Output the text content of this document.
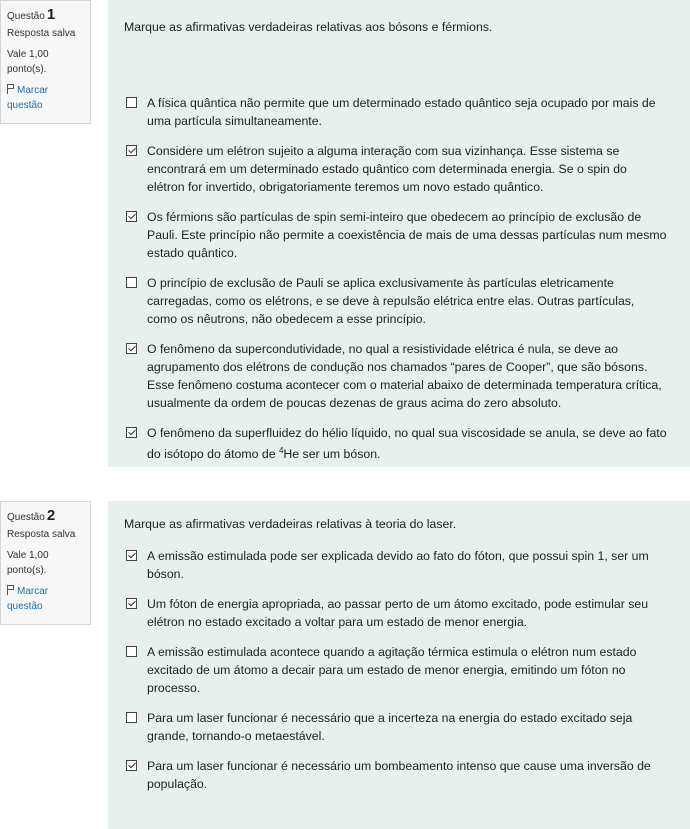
Questão 1
Resposta salva
Vale 1,00 ponto(s).
Marcar questão

Marque as afirmativas verdadeiras relativas aos bósons e férmions.

A física quântica não permite que um determinado estado quântico seja ocupado por mais de uma partícula simultaneamente.
Considere um elétron sujeito a alguma interação com sua vizinhança. Esse sistema se encontrará em um determinado estado quântico com determinada energia. Se o spin do elétron for invertido, obrigatoriamente teremos um novo estado quântico.
Os férmions são partículas de spin semi-inteiro que obedecem ao princípio de exclusão de Pauli. Este princípio não permite a coexistência de mais de uma dessas partículas num mesmo estado quântico.
O princípio de exclusão de Pauli se aplica exclusivamente às partículas eletricamente carregadas, como os elétrons, e se deve à repulsão elétrica entre elas. Outras partículas, como os nêutrons, não obedecem a esse princípio.
O fenômeno da supercondutividade, no qual a resistividade elétrica é nula, se deve ao agrupamento dos elétrons de condução nos chamados “pares de Cooper”, que são bósons. Esse fenômeno costuma acontecer com o material abaixo de determinada temperatura crítica, usualmente da ordem de poucas dezenas de graus acima do zero absoluto.
O fenômeno da superfluidez do hélio líquido, no qual sua viscosidade se anula, se deve ao fato do isótopo do átomo de $^4$He ser um bóson.
Questão 2
Resposta salva
Vale 1,00 ponto(s).
Marcar questão

Marque as afirmativas verdadeiras relativas à teoria do laser.

A emissão estimulada pode ser explicada devido ao fato do fóton, que possui spin 1, ser um bóson.
Um fóton de energia apropriada, ao passar perto de um átomo excitado, pode estimular seu elétron no estado excitado a voltar para um estado de menor energia.
A emissão estimulada acontece quando a agitação térmica estimula o elétron num estado excitado de um átomo a decair para um estado de menor energia, emitindo um fóton no processo.
Para um laser funcionar é necessário que a incerteza na energia do estado excitado seja grande, tornando-o metaestável.
Para um laser funcionar é necessário um bombeamento intenso que cause uma inversão de população.
